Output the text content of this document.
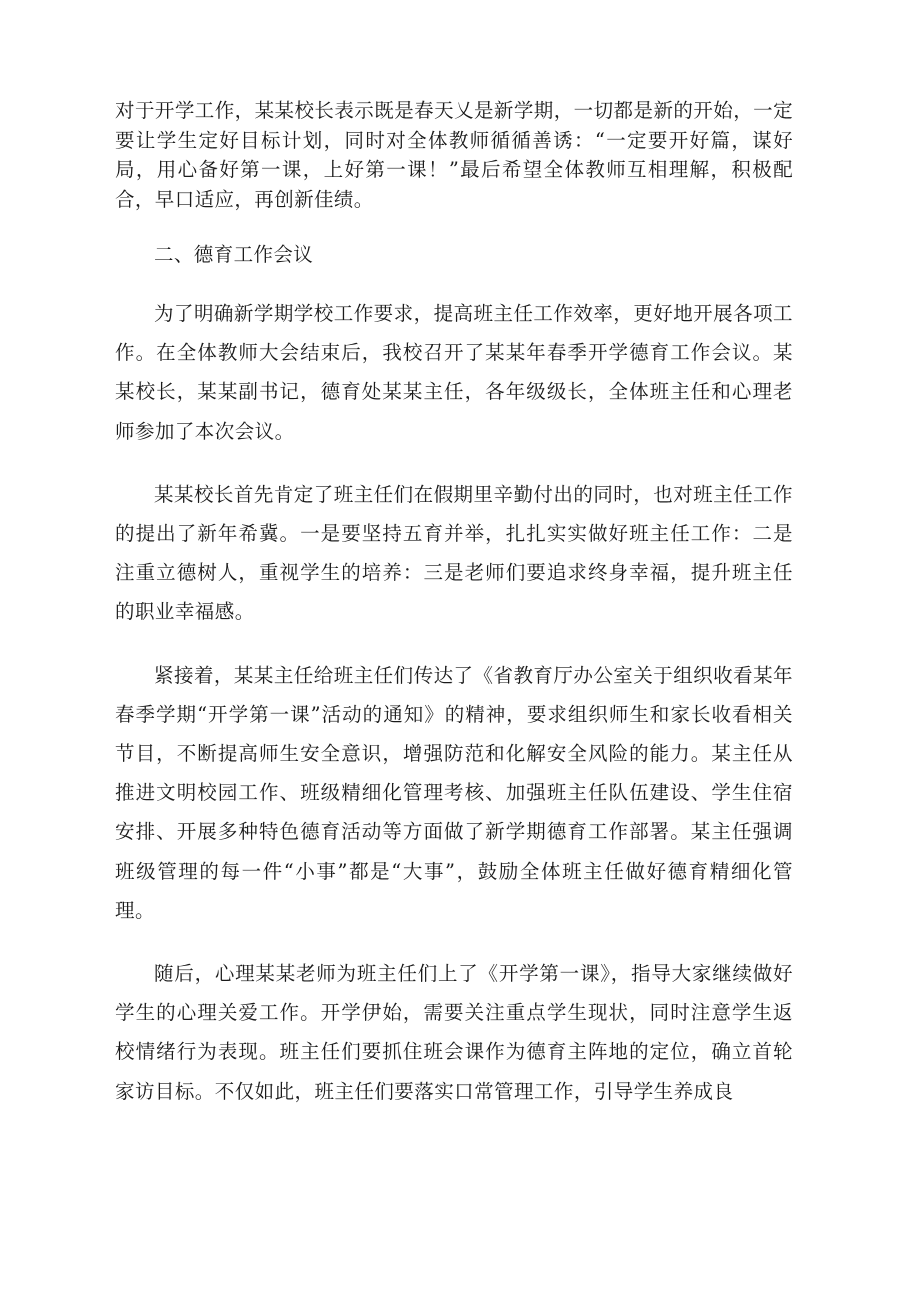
对于开学工作，某某校长表示既是春天乂是新学期，一切都是新的开始，一定要让学生定好目标计划，同时对全体教师循循善诱：“一定要开好篇，谋好局，用心备好第一课，上好第一课！”最后希望全体教师互相理解，积极配合，早口适应，再创新佳绩。

二、德育工作会议

为了明确新学期学校工作要求，提高班主任工作效率，更好地开展各项工作。在全体教师大会结束后，我校召开了某某年春季开学德育工作会议。某某校长，某某副书记，德育处某某主任，各年级级长，全体班主任和心理老师参加了本次会议。

某某校长首先肯定了班主任们在假期里辛勤付出的同时，也对班主任工作的提出了新年希冀。一是要坚持五育并举，扎扎实实做好班主任工作：二是注重立德树人，重视学生的培养：三是老师们要追求终身幸福，提升班主任的职业幸福感。

紧接着，某某主任给班主任们传达了《省教育厅办公室关于组织收看某年春季学期“开学第一课”活动的通知》的精神，要求组织师生和家长收看相关节目，不断提高师生安全意识，增强防范和化解安全风险的能力。某主任从推进文明校园工作、班级精细化管理考核、加强班主任队伍建设、学生住宿安排、开展多种特色德育活动等方面做了新学期德育工作部署。某主任强调班级管理的每一件“小事”都是“大事”，鼓励全体班主任做好德育精细化管理。

随后，心理某某老师为班主任们上了《开学第一课》，指导大家继续做好学生的心理关爱工作。开学伊始，需要关注重点学生现状，同时注意学生返校情绪行为表现。班主任们要抓住班会课作为德育主阵地的定位，确立首轮家访目标。不仅如此，班主任们要落实口常管理工作，引导学生养成良
